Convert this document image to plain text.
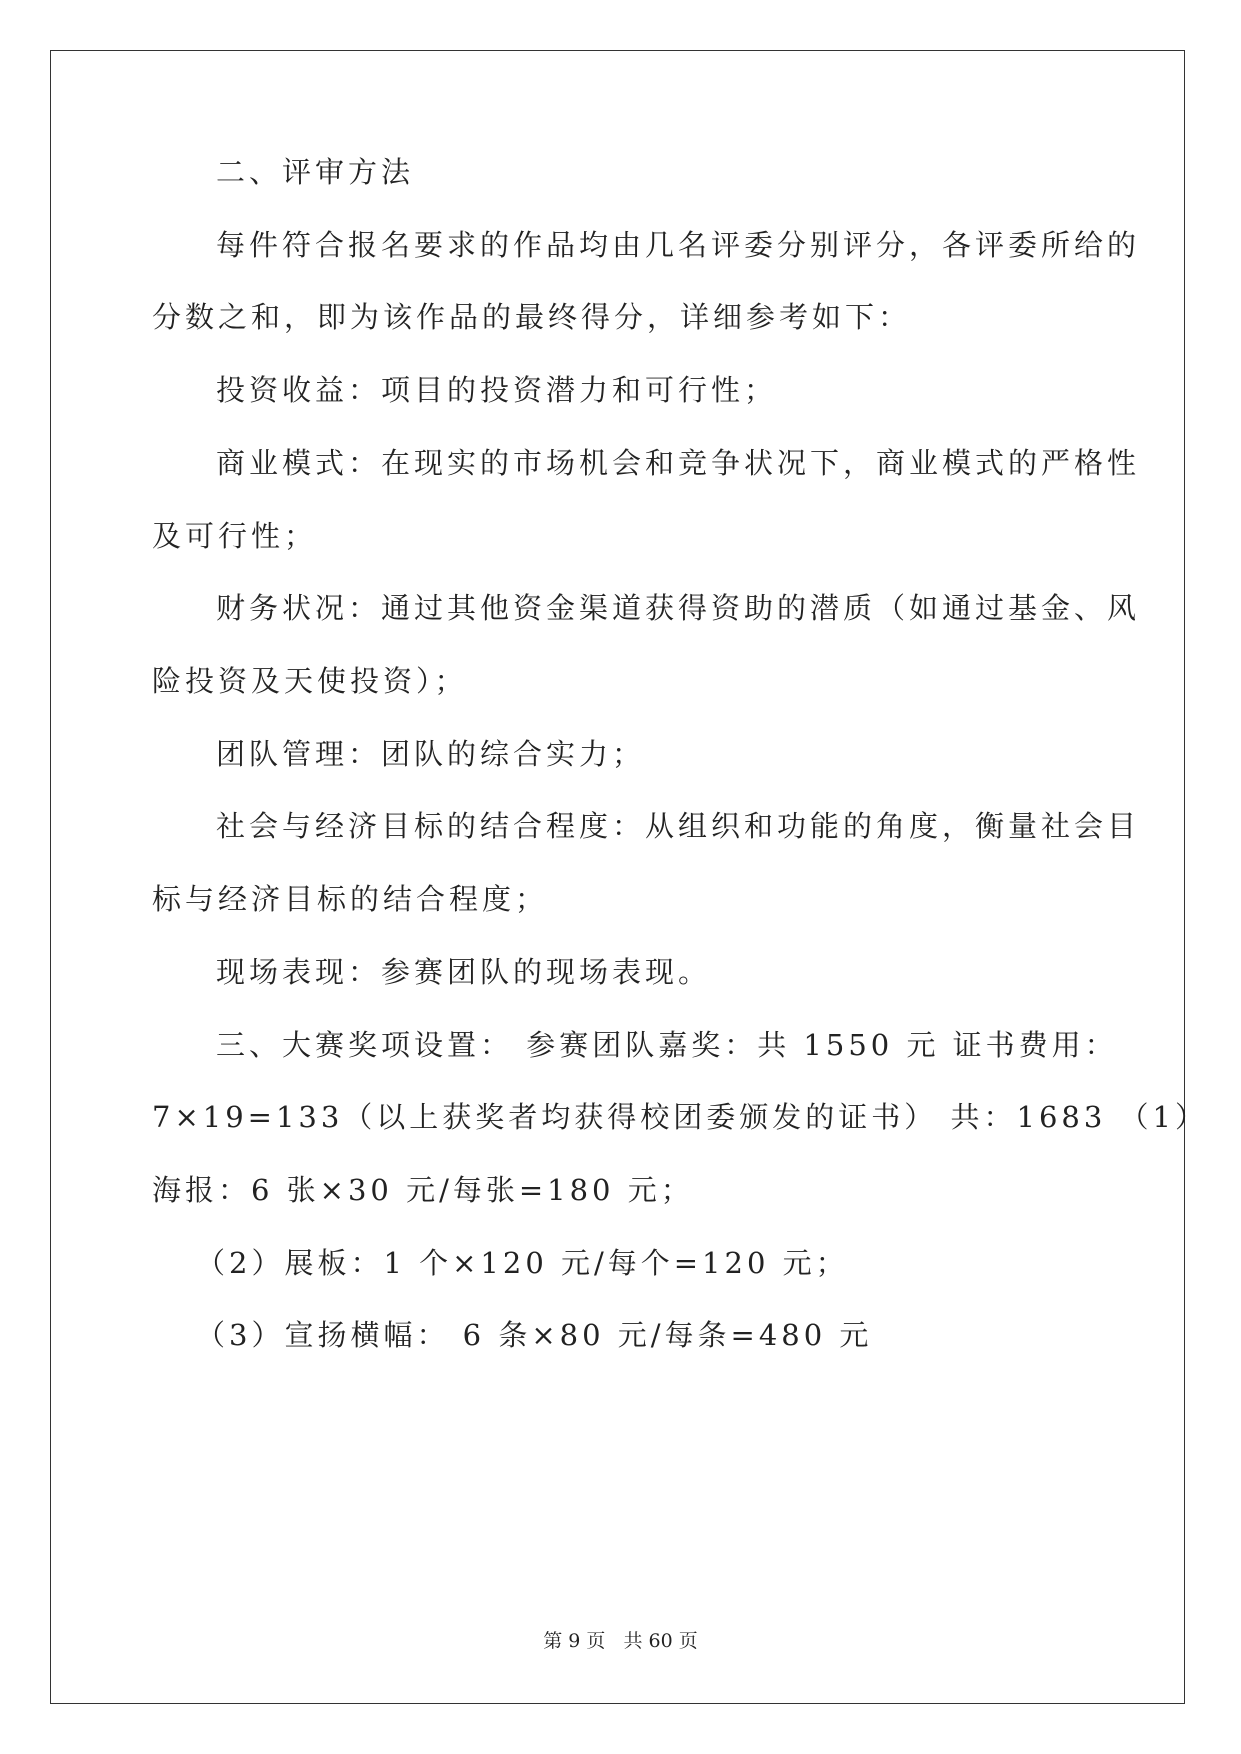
二、评审方法
每件符合报名要求的作品均由几名评委分别评分，各评委所给的
分数之和，即为该作品的最终得分，详细参考如下：
投资收益：项目的投资潜力和可行性；
商业模式：在现实的市场机会和竞争状况下，商业模式的严格性
及可行性；
财务状况：通过其他资金渠道获得资助的潜质（如通过基金、风
险投资及天使投资）；
团队管理：团队的综合实力；
社会与经济目标的结合程度：从组织和功能的角度，衡量社会目
标与经济目标的结合程度；
现场表现：参赛团队的现场表现。
三、大赛奖项设置： 参赛团队嘉奖：共 1550 元 证书费用：
7×19=133（以上获奖者均获得校团委颁发的证书） 共：1683 （1）
海报：6 张×30 元/每张=180 元；
（2）展板：1 个×120 元/每个=120 元；
（3）宣扬横幅： 6 条×80 元/每条=480 元
第 9 页 共 60 页
